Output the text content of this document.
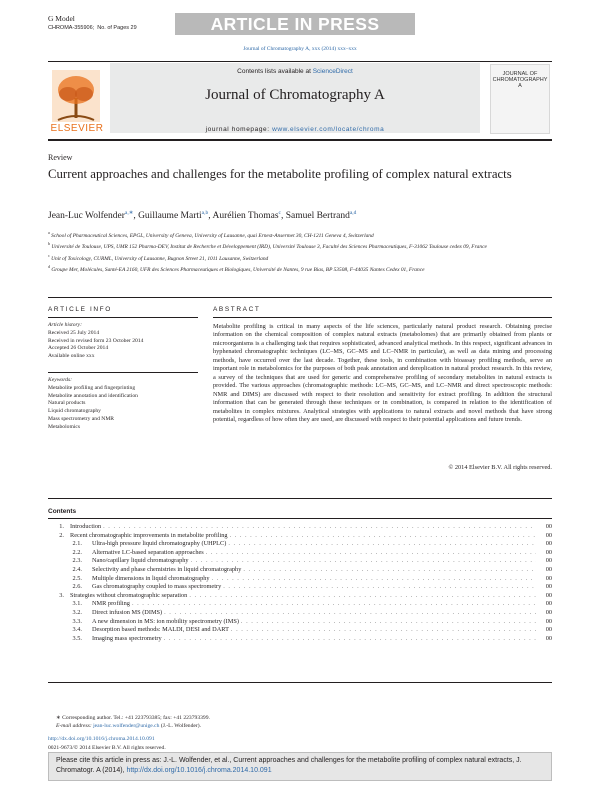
G Model
CHROMA-355906; No. of Pages 29	ARTICLE IN PRESS
Journal of Chromatography A, xxx (2014) xxx–xxx
ELSEVIER
Contents lists available at ScienceDirect
Journal of Chromatography A
journal homepage: www.elsevier.com/locate/chroma
JOURNAL OF CHROMATOGRAPHY A
Review
Current approaches and challenges for the metabolite profiling of complex natural extracts
Jean-Luc Wolfender$^{a,∗}$, Guillaume Marti$^{a,b}$, Aurélien Thomas$^c$, Samuel Bertrand$^{a,d}$
$^a$ School of Pharmaceutical Sciences, EPGL, University of Geneva, University of Lausanne, quai Ernest-Ansermet 30, CH-1211 Geneva 4, Switzerland
$^b$ Université de Toulouse, UPS, UMR 152 Pharma-DEV, Institut de Recherche et Développement (IRD), Université Toulouse 3, Faculté des Sciences Pharmaceutiques, F-31062 Toulouse cedex 09, France
$^c$ Unit of Toxicology, CURML, University of Lausanne, Bugnon Street 21, 1011 Lausanne, Switzerland
$^d$ Groupe Mer, Molécules, Santé-EA 2160, UFR des Sciences Pharmaceutiques et Biologiques, Université de Nantes, 9 rue Bias, BP 53508, F-44035 Nantes Cedex 01, France
ARTICLE INFO
Article history:
Received 25 July 2014
Received in revised form 23 October 2014
Accepted 26 October 2014
Available online xxx
Keywords:
Metabolite profiling and fingerprinting
Metabolite annotation and identification
Natural products
Liquid chromatography
Mass spectrometry and NMR
Metabolomics
ABSTRACT
Metabolite profiling is critical in many aspects of the life sciences, particularly natural product research. Obtaining precise information on the chemical composition of complex natural extracts (metabolomes) that are primarily obtained from plants or microorganisms is a challenging task that requires sophisticated, advanced analytical methods. In this respect, significant advances in hyphenated chromatographic techniques (LC–MS, GC–MS and LC–NMR in particular), as well as data mining and processing methods, have occurred over the last decade. Together, these tools, in combination with bioassay profiling methods, serve an important role in metabolomics for the purposes of both peak annotation and dereplication in natural product research. In this review, a survey of the techniques that are used for generic and comprehensive profiling of secondary metabolites in natural extracts is provided. The various approaches (chromatographic methods: LC–MS, GC–MS, and LC–NMR and direct spectroscopic methods: NMR and DIMS) are discussed with respect to their resolution and sensitivity for extract profiling. In addition the structural information that can be generated through these techniques or in combination, is compared in relation to the identification of metabolites in complex mixtures. Analytical strategies with applications to natural extracts and novel methods that have strong potential, regardless of how often they are used, are discussed with respect to their potential applications and future trends.
© 2014 Elsevier B.V. All rights reserved.
Contents
1. Introduction . . .	00
2. Recent chromatographic improvements in metabolite profiling . . .	00
2.1.	Ultra-high pressure liquid chromatography (UHPLC) . . .	00
2.2.	Alternative LC-based separation approaches . . .	00
2.3.	Nano/capillary liquid chromatography . . .	00
2.4.	Selectivity and phase chemistries in liquid chromatography . . .	00
2.5.	Multiple dimensions in liquid chromatography . . .	00
2.6.	Gas chromatography coupled to mass spectrometry . . .	00
3. Strategies without chromatographic separation . . .	00
3.1.	NMR profiling . . .	00
3.2.	Direct infusion MS (DIMS) . . .	00
3.3.	A new dimension in MS: ion mobility spectrometry (IMS) . . .	00
3.4.	Desorption based methods: MALDI, DESI and DART . . .	00
3.5.	Imaging mass spectrometry . . .	00
∗ Corresponding author. Tel.: +41 223793385; fax: +41 223793399.
E-mail address: jean-luc.wolfender@unige.ch (J.-L. Wolfender).
http://dx.doi.org/10.1016/j.chroma.2014.10.091
0021-9673/© 2014 Elsevier B.V. All rights reserved.
Please cite this article in press as: J.-L. Wolfender, et al., Current approaches and challenges for the metabolite profiling of complex natural extracts, J. Chromatogr. A (2014), http://dx.doi.org/10.1016/j.chroma.2014.10.091
